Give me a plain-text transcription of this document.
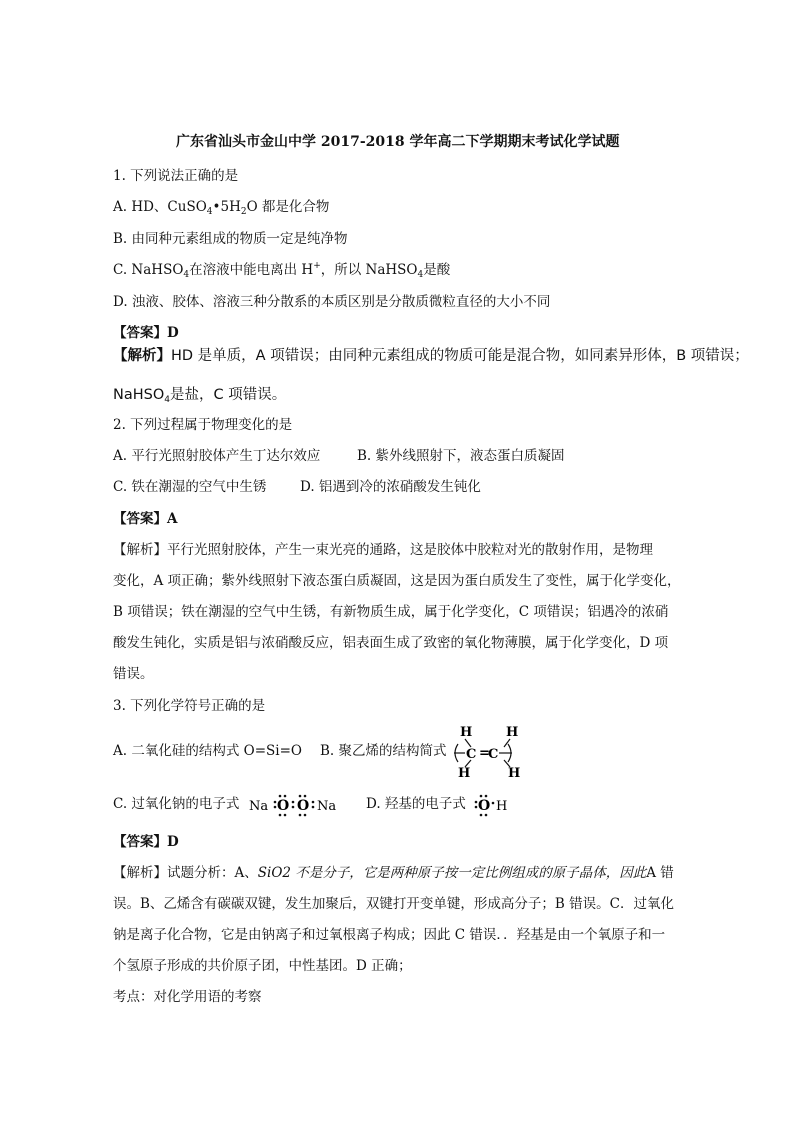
广东省汕头市金山中学 2017-2018 学年高二下学期期末考试化学试题
1. 下列说法正确的是
A. HD、$CuSO_4•5H_2O$ 都是化合物
B. 由同种元素组成的物质一定是纯净物
C. NaHSO$_4$在溶液中能电离出 H+，所以 NaHSO$_4$是酸
D. 浊液、胶体、溶液三种分散系的本质区别是分散质微粒直径的大小不同
【答案】D
【解析】HD 是单质，A 项错误；由同种元素组成的物质可能是混合物，如同素异形体，B 项错误；
NaHSO$_4$是盐，C 项错误。
2. 下列过程属于物理变化的是
A. 平行光照射胶体产生丁达尔效应	B. 紫外线照射下，液态蛋白质凝固
C. 铁在潮湿的空气中生锈 D. 铝遇到冷的浓硝酸发生钝化
【答案】A
【解析】平行光照射胶体，产生一束光亮的通路，这是胶体中胶粒对光的散射作用，是物理
变化，A 项正确；紫外线照射下液态蛋白质凝固，这是因为蛋白质发生了变性，属于化学变化，
B 项错误；铁在潮湿的空气中生锈，有新物质生成，属于化学变化，C 项错误；铝遇冷的浓硝
酸发生钝化，实质是铝与浓硝酸反应，铝表面生成了致密的氧化物薄膜，属于化学变化，D 项
错误。
3. 下列化学符号正确的是
A. 二氧化硅的结构式 O=Si=O B. 聚乙烯的结构简式
H	H
C =
C
H	H
C. 过氧化钠的电子式 Na O O Na D. 羟基的电子式 O H
【答案】D
【解析】试题分析：A、SiO2 不是分子，它是两种原子按一定比例组成的原子晶体，因此A 错
误。B、乙烯含有碳碳双键，发生加聚后，双键打开变单键，形成高分子；B 错误。C．过氧化
钠是离子化合物，它是由钠离子和过氧根离子构成；因此 C 错误．．羟基是由一个氧原子和一
个氢原子形成的共价原子团，中性基团。D 正确；
考点：对化学用语的考察
